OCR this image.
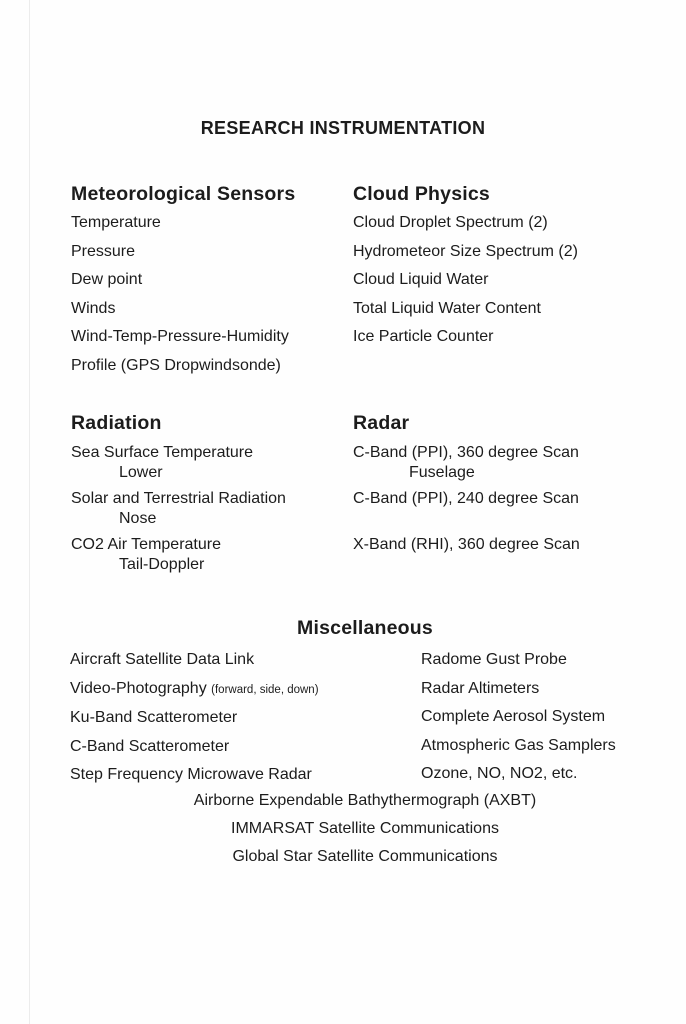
RESEARCH INSTRUMENTATION
Meteorological Sensors
Temperature
Pressure
Dew point
Winds
Wind-Temp-Pressure-Humidity
Profile (GPS Dropwindsonde)
Cloud Physics
Cloud Droplet Spectrum (2)
Hydrometeor Size Spectrum (2)
Cloud Liquid Water
Total Liquid Water Content
Ice Particle Counter
Radiation
Sea Surface Temperature
Lower
Solar and Terrestrial Radiation
Nose
CO2 Air Temperature
Tail-Doppler
Radar
C-Band (PPI), 360 degree Scan
Fuselage
C-Band (PPI), 240 degree Scan

X-Band (RHI), 360 degree Scan

Miscellaneous
Aircraft Satellite Data Link
Video-Photography (forward, side, down)
Ku-Band Scatterometer
C-Band Scatterometer
Step Frequency Microwave Radar
Radome Gust Probe
Radar Altimeters
Complete Aerosol System
Atmospheric Gas Samplers
Ozone, NO, NO2, etc.
Airborne Expendable Bathythermograph (AXBT)
IMMARSAT Satellite Communications
Global Star Satellite Communications
